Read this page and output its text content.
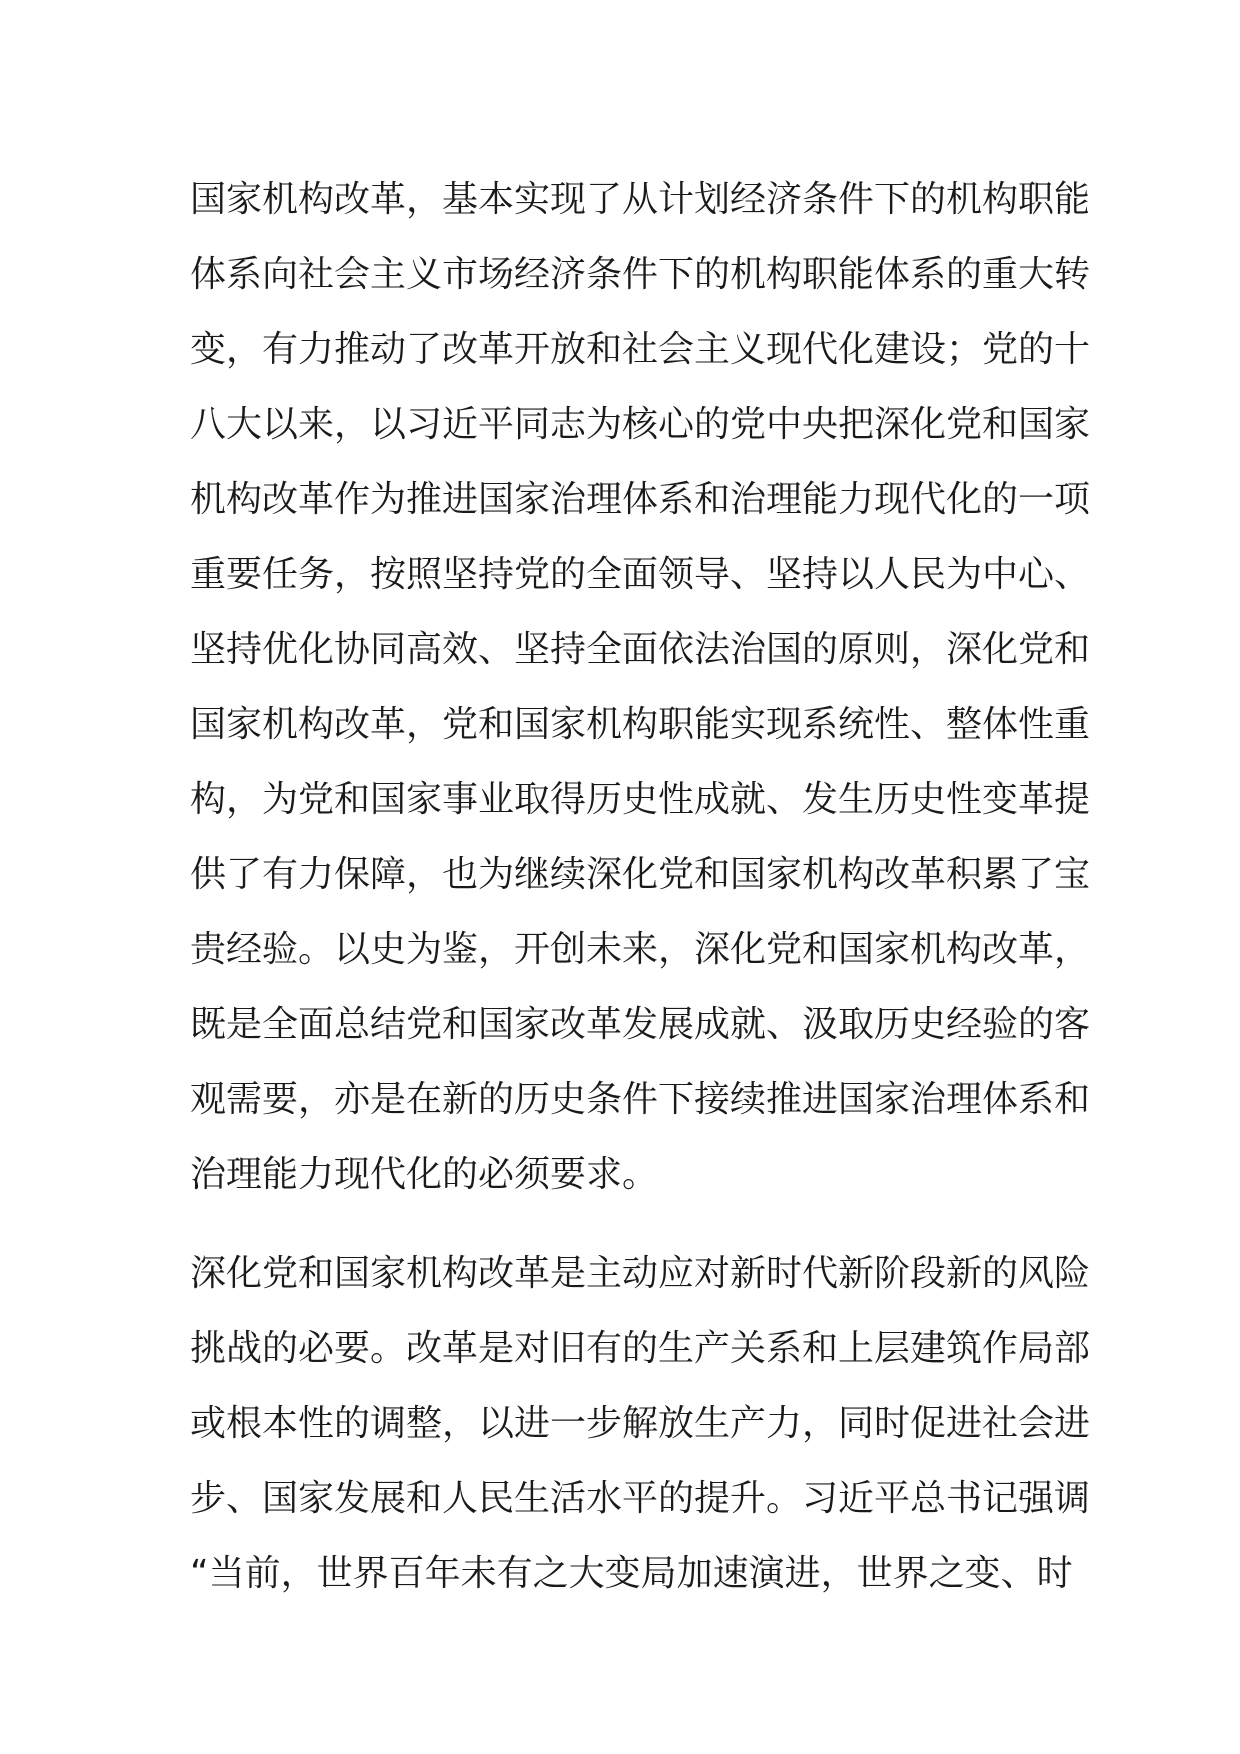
国家机构改革，基本实现了从计划经济条件下的机构职能
体系向社会主义市场经济条件下的机构职能体系的重大转
变，有力推动了改革开放和社会主义现代化建设；党的十
八大以来，以习近平同志为核心的党中央把深化党和国家
机构改革作为推进国家治理体系和治理能力现代化的一项
重要任务，按照坚持党的全面领导、坚持以人民为中心、
坚持优化协同高效、坚持全面依法治国的原则，深化党和
国家机构改革，党和国家机构职能实现系统性、整体性重
构，为党和国家事业取得历史性成就、发生历史性变革提
供了有力保障，也为继续深化党和国家机构改革积累了宝
贵经验。以史为鉴，开创未来，深化党和国家机构改革，
既是全面总结党和国家改革发展成就、汲取历史经验的客
观需要，亦是在新的历史条件下接续推进国家治理体系和
治理能力现代化的必须要求。
深化党和国家机构改革是主动应对新时代新阶段新的风险
挑战的必要。改革是对旧有的生产关系和上层建筑作局部
或根本性的调整，以进一步解放生产力，同时促进社会进
步、国家发展和人民生活水平的提升。习近平总书记强调
“当前，世界百年未有之大变局加速演进，世界之变、时
